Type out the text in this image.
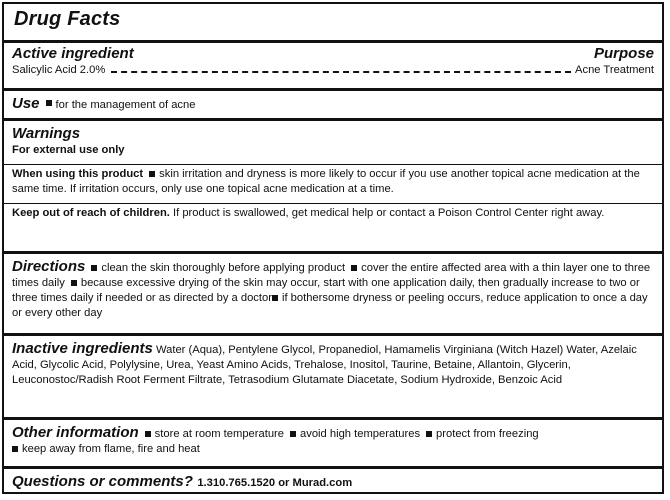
Drug Facts
Active ingredient	Purpose
Salicylic Acid 2.0%	Acne Treatment
Use for the management of acne
Warnings
For external use only
When using this product skin irritation and dryness is more likely to occur if you use another topical acne medication at the same time. If irritation occurs, only use one topical acne medication at a time.
Keep out of reach of children. If product is swallowed, get medical help or contact a Poison Control Center right away.
Directions clean the skin thoroughly before applying product cover the entire affected area with a thin layer one to three times daily because excessive drying of the skin may occur, start with one application daily, then gradually increase to two or three times daily if needed or as directed by a doctor if bothersome dryness or peeling occurs, reduce application to once a day or every other day
Inactive ingredients Water (Aqua), Pentylene Glycol, Propanediol, Hamamelis Virginiana (Witch Hazel) Water, Azelaic Acid, Glycolic Acid, Polylysine, Urea, Yeast Amino Acids, Trehalose, Inositol, Taurine, Betaine, Allantoin, Glycerin, Leuconostoc/Radish Root Ferment Filtrate, Tetrasodium Glutamate Diacetate, Sodium Hydroxide, Benzoic Acid
Other information store at room temperature avoid high temperatures protect from freezing
keep away from flame, fire and heat
Questions or comments? 1.310.765.1520 or Murad.com
